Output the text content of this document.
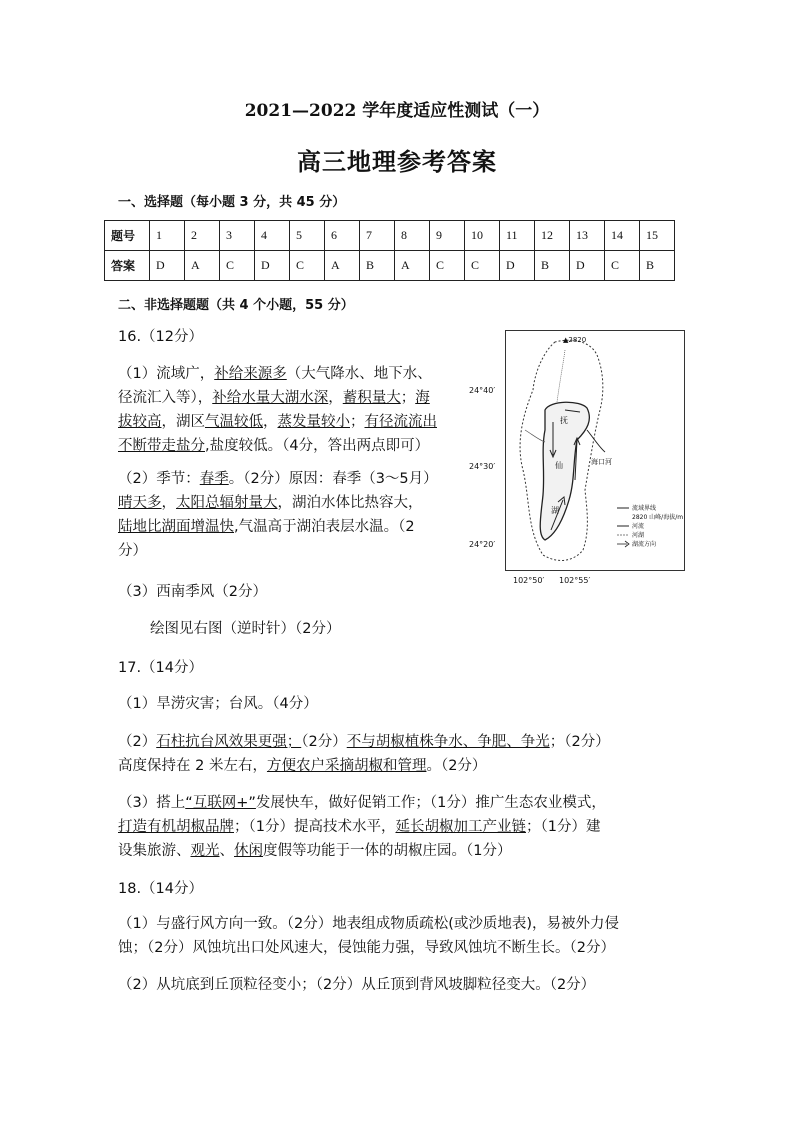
2021—2022 学年度适应性测试（一）
高三地理参考答案
一、选择题（每小题 3 分，共 45 分）
题号	1	2	3	4	5	6	7	8	9	10	11	12	13	14	15
答案	D	A	C	D	C	A	B	A	C	C	D	B	D	C	B
二、非选择题题（共 4 个小题，55 分）
16.（12分）
（1）流域广，补给来源多（大气降水、地下水、
径流汇入等），补给水量大湖水深，蓄积量大；海
拔较高，湖区气温较低，蒸发量较小；有径流流出
不断带走盐分,盐度较低。（4分，答出两点即可）
（2）季节：春季。（2分）原因：春季（3～5月）
晴天多，太阳总辐射量大，湖泊水体比热容大，
陆地比湖面增温快,气温高于湖泊表层水温。（2
分）
（3）西南季风（2分）
绘图见右图（逆时针）（2分）
▲2820
24°40′
24°30′
24°20′
102°50′ 102°55′
抚
仙
湖
海口河
流域界线
2820 山峰/海拔/m
河流
河湖
湖流方向
17.（14分）
（1）旱涝灾害；台风。（4分）
（2）石柱抗台风效果更强；（2分）不与胡椒植株争水、争肥、争光；（2分）
高度保持在 2 米左右，方便农户采摘胡椒和管理。（2分）
（3）搭上“互联网+”发展快车，做好促销工作；（1分）推广生态农业模式，
打造有机胡椒品牌；（1分）提高技术水平，延长胡椒加工产业链；（1分）建
设集旅游、观光、休闲度假等功能于一体的胡椒庄园。（1分）
18.（14分）
（1）与盛行风方向一致。（2分）地表组成物质疏松(或沙质地表)，易被外力侵
蚀；（2分）风蚀坑出口处风速大，侵蚀能力强，导致风蚀坑不断生长。（2分）
（2）从坑底到丘顶粒径变小；（2分）从丘顶到背风坡脚粒径变大。（2分）
